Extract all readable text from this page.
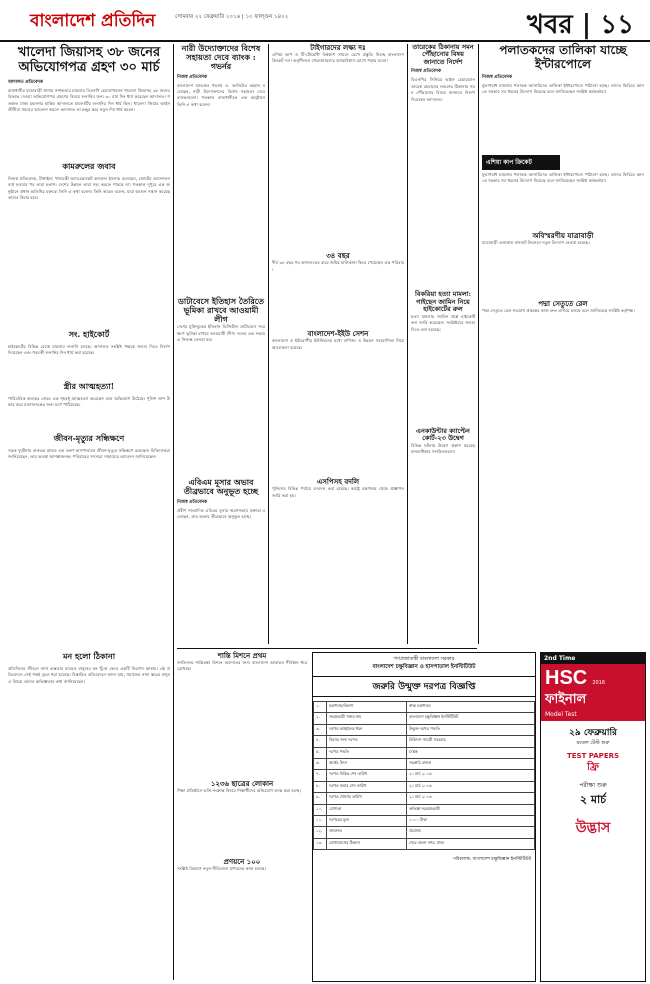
বাংলাদেশ প্রতিদিন	সোমবার ২২ ফেব্রুয়ারি ২০১৬ | ১০ ফাল্গুন ১৪২২	খবর | ১১
খালেদা জিয়াসহ ৩৮ জনের অভিযোগপত্র গ্রহণ ৩০ মার্চ
আদালত প্রতিবেদক
রাজধানীর যাত্রাবাড়ী থানায় নাশকতার মামলায় বিএনপি চেয়ারপারসন খালেদা জিয়াসহ ৩৮ জনের বিরুদ্ধে দেওয়া অভিযোগপত্র গ্রহণের বিষয়ে শুনানির জন্য ৩০ মার্চ দিন ধার্য করেছেন আদালত। গতকাল ঢাকা মহানগর হাকিম আদালতে মামলাটির শুনানির দিন ধার্য ছিল। খালেদা জিয়ার আইনজীবীরা সময়ের আবেদন করলে আদালত তা মঞ্জুর করে নতুন দিন ধার্য করেন।
কামরুলের জবাব
নিজস্ব প্রতিবেদক, টাঙ্গাইল: খাদ্যমন্ত্রী অ্যাডভোকেট কামরুল ইসলাম বলেছেন, জোটের আন্দোলন ব্যর্থ হওয়ার পর তারা হতাশ। দেশের উন্নয়ন তারা সহ্য করতে পারছে না। গতকাল দুপুরে এক অনুষ্ঠানে প্রধান অতিথির বক্তব্যে তিনি এ কথা বলেন। তিনি আরও বলেন, যারা আগুন সন্ত্রাস করেছে তাদের বিচার হবে।
সং. হাইকোর্ট
হাইকোর্টের বিভিন্ন বেঞ্চে মামলার শুনানি চলছে। আদালত সংশ্লিষ্ট পক্ষকে জবাব দিতে নির্দেশ দিয়েছেন এবং পরবর্তী শুনানির দিন ধার্য করা হয়েছে।
স্ত্রীর আত্মহত্যা!
পারিবারিক কলহের জেরে এক গৃহবধূ আত্মহত্যা করেছেন বলে অভিযোগ উঠেছে। পুলিশ লাশ উদ্ধার করে ময়নাতদন্তের জন্য মর্গে পাঠিয়েছে।
জীবন-মৃত্যুর সন্ধিক্ষণে
সড়ক দুর্ঘটনায় গুরুতর আহত এক তরুণ হাসপাতালে জীবন-মৃত্যুর সন্ধিক্ষণে রয়েছেন। চিকিৎসকরা জানিয়েছেন, তার অবস্থা আশঙ্কাজনক। পরিবারের সদস্যরা সাহায্যের আবেদন জানিয়েছেন।
মন হলো ঠিকানা
প্রতিদিনের জীবনে নানা ব্যস্ততার মাঝেও মানুষের মন খুঁজে ফেরে একটি নিরাপদ আশ্রয়। এই প্রতিবেদনে সেই গল্পই তুলে ধরা হয়েছে। বিস্তারিত প্রতিবেদনে জানা যায়, সমাজের নানা স্তরের মানুষ এ বিষয়ে তাদের অভিজ্ঞতার কথা জানিয়েছেন।
নারী উদ্যোক্তাদের বিশেষ সহায়তা দেবে ব্যাংক : গভর্নর
নিজস্ব প্রতিবেদক
বাংলাদেশ ব্যাংকের গভর্নর ড. আতিউর রহমান বলেছেন, নারী উদ্যোক্তাদের বিশেষ সহায়তা দেবে ব্যাংকগুলো। গতকাল রাজধানীতে এক অনুষ্ঠানে তিনি এ কথা বলেন।
ডাটাবেসে ইতিহাস তৈরিতে ভূমিকা রাখবে আওয়ামী লীগ
দেশের মুক্তিযুদ্ধের ইতিহাস ডিজিটাল ডাটাবেসে সংরক্ষণে ভূমিকা রাখবে আওয়ামী লীগ। দলের এক সভায় এ সিদ্ধান্ত নেওয়া হয়।
এবিএম মূসার অভাব তীব্রভাবে অনুভূত হচ্ছে
নিজস্ব প্রতিবেদক
প্রবীণ সাংবাদিক এবিএম মূসার স্মরণসভায় বক্তারা বলেছেন, তার অভাব তীব্রভাবে অনুভূত হচ্ছে।
টাইগারদের লক্ষ্য দঃ
এশিয়া কাপ ও টি-টোয়েন্টি বিশ্বকাপ সামনে রেখে প্রস্তুতি নিচ্ছে বাংলাদেশ ক্রিকেট দল। অনুশীলনে খেলোয়াড়দের আত্মবিশ্বাস চোখে পড়ার মতো।
৩৪ বছর
দীর্ঘ ৩৪ বছর পর আদালতের রায়ে জমির মালিকানা ফিরে পেয়েছেন এক পরিবার।
বাংলাদেশ-ইইউ সেশন
বাংলাদেশ ও ইউরোপীয় ইউনিয়নের মধ্যে বাণিজ্য ও উন্নয়ন সহযোগিতা নিয়ে আলোচনা হয়েছে।
এসপিসহ বদলি
পুলিশের বিভিন্ন পর্যায়ে রদবদল করা হয়েছে। স্বরাষ্ট্র মন্ত্রণালয় থেকে প্রজ্ঞাপন জারি করা হয়।
তারেকের ঠিকানায় সমন পৌঁছানোর বিষয় জানাতে নির্দেশ
নিজস্ব প্রতিবেদক
বিএনপির সিনিয়র ভাইস চেয়ারম্যান তারেক রহমানের লন্ডনের ঠিকানায় সমন পৌঁছানোর বিষয়ে জানাতে নির্দেশ দিয়েছেন আদালত।
বিকরিয়া হত্যা মামলা: গাইছেন জামিন নিয়ে হাইকোর্টের রুল
হত্যা মামলায় জামিন প্রশ্নে হাইকোর্ট রুল জারি করেছেন। সংশ্লিষ্টদের জবাব দিতে বলা হয়েছে।
এনকাউন্টার ক্যাপ্টেন কোর্ট-২৩ উদ্বেগ
বিভিন্ন ঘটনায় উদ্বেগ প্রকাশ করেছে মানবাধিকার সংগঠনগুলো।
পলাতকদের তালিকা যাচ্ছে ইন্টারপোলে
নিজস্ব প্রতিবেদক
যুদ্ধাপরাধ মামলায় পলাতক আসামিদের তালিকা ইন্টারপোলে পাঠানো হচ্ছে। তাদের ফিরিয়ে আনতে সরকার সব ধরনের উদ্যোগ নিয়েছে বলে জানিয়েছেন সংশ্লিষ্ট কর্মকর্তারা।
এশিয়া কাপ ক্রিকেট
যুদ্ধাপরাধ মামলায় পলাতক আসামিদের তালিকা ইন্টারপোলে পাঠানো হচ্ছে। তাদের ফিরিয়ে আনতে সরকার সব ধরনের উদ্যোগ নিয়েছে বলে জানিয়েছেন সংশ্লিষ্ট কর্মকর্তারা।
অবিস্মরণীয় যাত্রাবাড়ী
যাত্রাবাড়ী এলাকায় যানজট নিরসনে নতুন উদ্যোগ নেওয়া হয়েছে।
পদ্মা সেতুতে রেল
পদ্মা সেতুতে রেল সংযোগ প্রকল্পের কাজ দ্রুত এগিয়ে চলছে বলে জানিয়েছে সংশ্লিষ্ট কর্তৃপক্ষ।
শান্তি মিশনে প্রথম
জাতিসংঘ শান্তিরক্ষা মিশনে অবদানের জন্য বাংলাদেশ আবারও শীর্ষস্থান ধরে রেখেছে।
১২৩৬ ছাত্রের লোকান
শিক্ষা প্রতিষ্ঠানে ভর্তি সংক্রান্ত বিষয়ে শিক্ষার্থীদের অভিযোগ তদন্ত করা হচ্ছে।
প্রণয়নে ১০০
সংশ্লিষ্ট বিভাগে নতুন নীতিমালা প্রণয়নের কাজ চলছে।
গণপ্রজাতন্ত্রী বাংলাদেশ সরকার
বাংলাদেশ চক্ষুবিজ্ঞান ও হাসপাতাল ইনস্টিটিউট
জরুরি উন্মুক্ত দরপত্র বিজ্ঞপ্তি
১.	মন্ত্রণালয়/বিভাগ	স্বাস্থ্য মন্ত্রণালয়
২.	সংগ্রহকারী সত্তার নাম	বাংলাদেশ চক্ষুবিজ্ঞান ইনস্টিটিউট
৩.	দরপত্র আহ্বানের ধরন	উন্মুক্ত দরপত্র পদ্ধতি
৪.	কিসের জন্য দরপত্র	চিকিৎসা সামগ্রী সরবরাহ
৫.	দরপত্র পদ্ধতি	OTM
৬.	অর্থের উৎস	সরকারি রাজস্ব
৭.	দরপত্র বিক্রির শেষ তারিখ	২০ মার্চ ২০১৬
৮.	দরপত্র জমার শেষ তারিখ	২১ মার্চ ২০১৬
৯.	দরপত্র খোলার তারিখ	২১ মার্চ ২০১৬
১০.	যোগ্যতা	অভিজ্ঞ সরবরাহকারী
১১.	দরপত্রের মূল্য	১০০০ টাকা
১২.	জামানত	প্রযোজ্য
১৩.	যোগাযোগের ঠিকানা	শেরে বাংলা নগর, ঢাকা
পরিচালক, বাংলাদেশ চক্ষুবিজ্ঞান ইনস্টিটিউট
2nd Time
HSC 2016
ফাইনাল
Model Test
২৯ ফেব্রুয়ারি
মডেল টেস্ট শুরু
TEST PAPERS
ফ্রি
পরীক্ষা শুরু
২ মার্চ
উদ্ভাস
